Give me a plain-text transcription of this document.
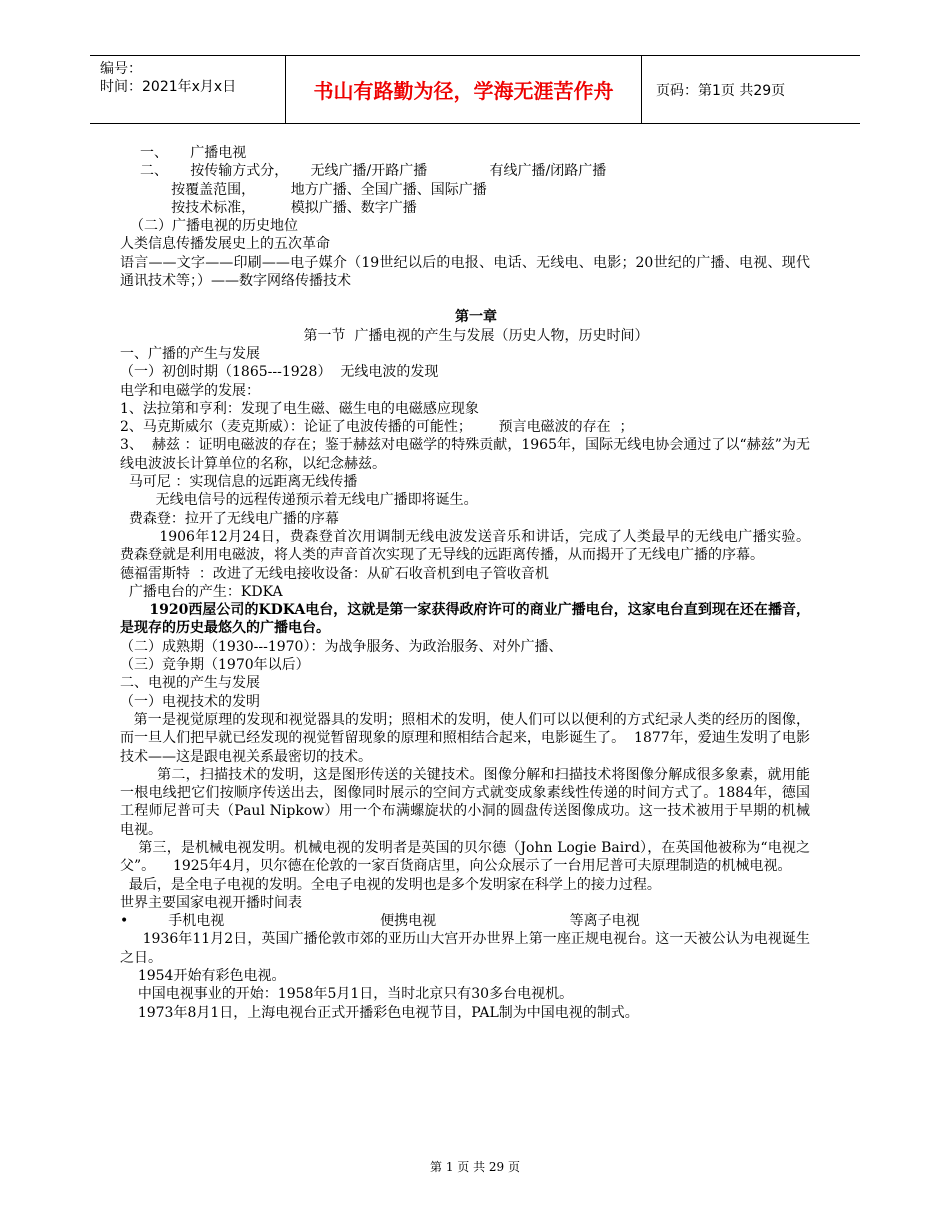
编号：
时间：2021年x月x日	书山有路勤为径，学海无涯苦作舟	页码：第1页 共29页

一、     广播电视

二、     按传输方式分，     无线广播/开路广播              有线广播/闭路广播

按覆盖范围，        地方广播、全国广播、国际广播

按技术标准，        模拟广播、数字广播

（二）广播电视的历史地位

人类信息传播发展史上的五次革命

语言——文字——印刷——电子媒介（19世纪以后的电报、电话、无线电、电影；20世纪的广播、电视、现代通讯技术等；）——数字网络传播技术

第一章

第一节  广播电视的产生与发展（历史人物，历史时间）

一、广播的产生与发展

（一）初创时期（1865---1928）  无线电波的发现

电学和电磁学的发展：

1、法拉第和亨利：发现了电生磁、磁生电的电磁感应现象

2、马克斯威尔（麦克斯威）：论证了电波传播的可能性；      预言电磁波的存在  ；

3、  赫兹 ：证明电磁波的存在；鉴于赫兹对电磁学的特殊贡献，1965年，国际无线电协会通过了以“赫兹”为无线电波波长计算单位的名称，以纪念赫兹。

马可尼 ：实现信息的远距离无线传播

无线电信号的远程传递预示着无线电广播即将诞生。

费森登：拉开了无线电广播的序幕

1906年12月24日，费森登首次用调制无线电波发送音乐和讲话，完成了人类最早的无线电广播实验。    费森登就是利用电磁波，将人类的声音首次实现了无导线的远距离传播，从而揭开了无线电广播的序幕。

德福雷斯特  ：改进了无线电接收设备：从矿石收音机到电子管收音机

广播电台的产生：KDKA

1920西屋公司的KDKA电台，这就是第一家获得政府许可的商业广播电台，这家电台直到现在还在播音，是现存的历史最悠久的广播电台。

（二）成熟期（1930---1970）：为战争服务、为政治服务、对外广播、

（三）竞争期（1970年以后）

二、电视的产生与发展

（一）电视技术的发明

第一是视觉原理的发现和视觉器具的发明；照相术的发明，使人们可以以便利的方式纪录人类的经历的图像，而一旦人们把早就已经发现的视觉暂留现象的原理和照相结合起来，电影诞生了。  1877年，爱迪生发明了电影技术——这是跟电视关系最密切的技术。

第二，扫描技术的发明，这是图形传送的关键技术。图像分解和扫描技术将图像分解成很多象素，就用能一根电线把它们按顺序传送出去，图像同时展示的空间方式就变成象素线性传递的时间方式了。1884年，德国工程师尼普可夫（Paul Nipkow）用一个布满螺旋状的小洞的圆盘传送图像成功。这一技术被用于早期的机械电视。

第三，是机械电视发明。机械电视的发明者是英国的贝尔德（John Logie Baird），在英国他被称为“电视之父”。    1925年4月，贝尔德在伦敦的一家百货商店里，向公众展示了一台用尼普可夫原理制造的机械电视。

最后，是全电子电视的发明。全电子电视的发明也是多个发明家在科学上的接力过程。

世界主要国家电视开播时间表

•         手机电视                                   便携电视                              等离子电视

1936年11月2日，英国广播伦敦市郊的亚历山大宫开办世界上第一座正规电视台。这一天被公认为电视诞生之日。

1954开始有彩色电视。

中国电视事业的开始：1958年5月1日，当时北京只有30多台电视机。

1973年8月1日，上海电视台正式开播彩色电视节目，PAL制为中国电视的制式。

第 1 页 共 29 页
